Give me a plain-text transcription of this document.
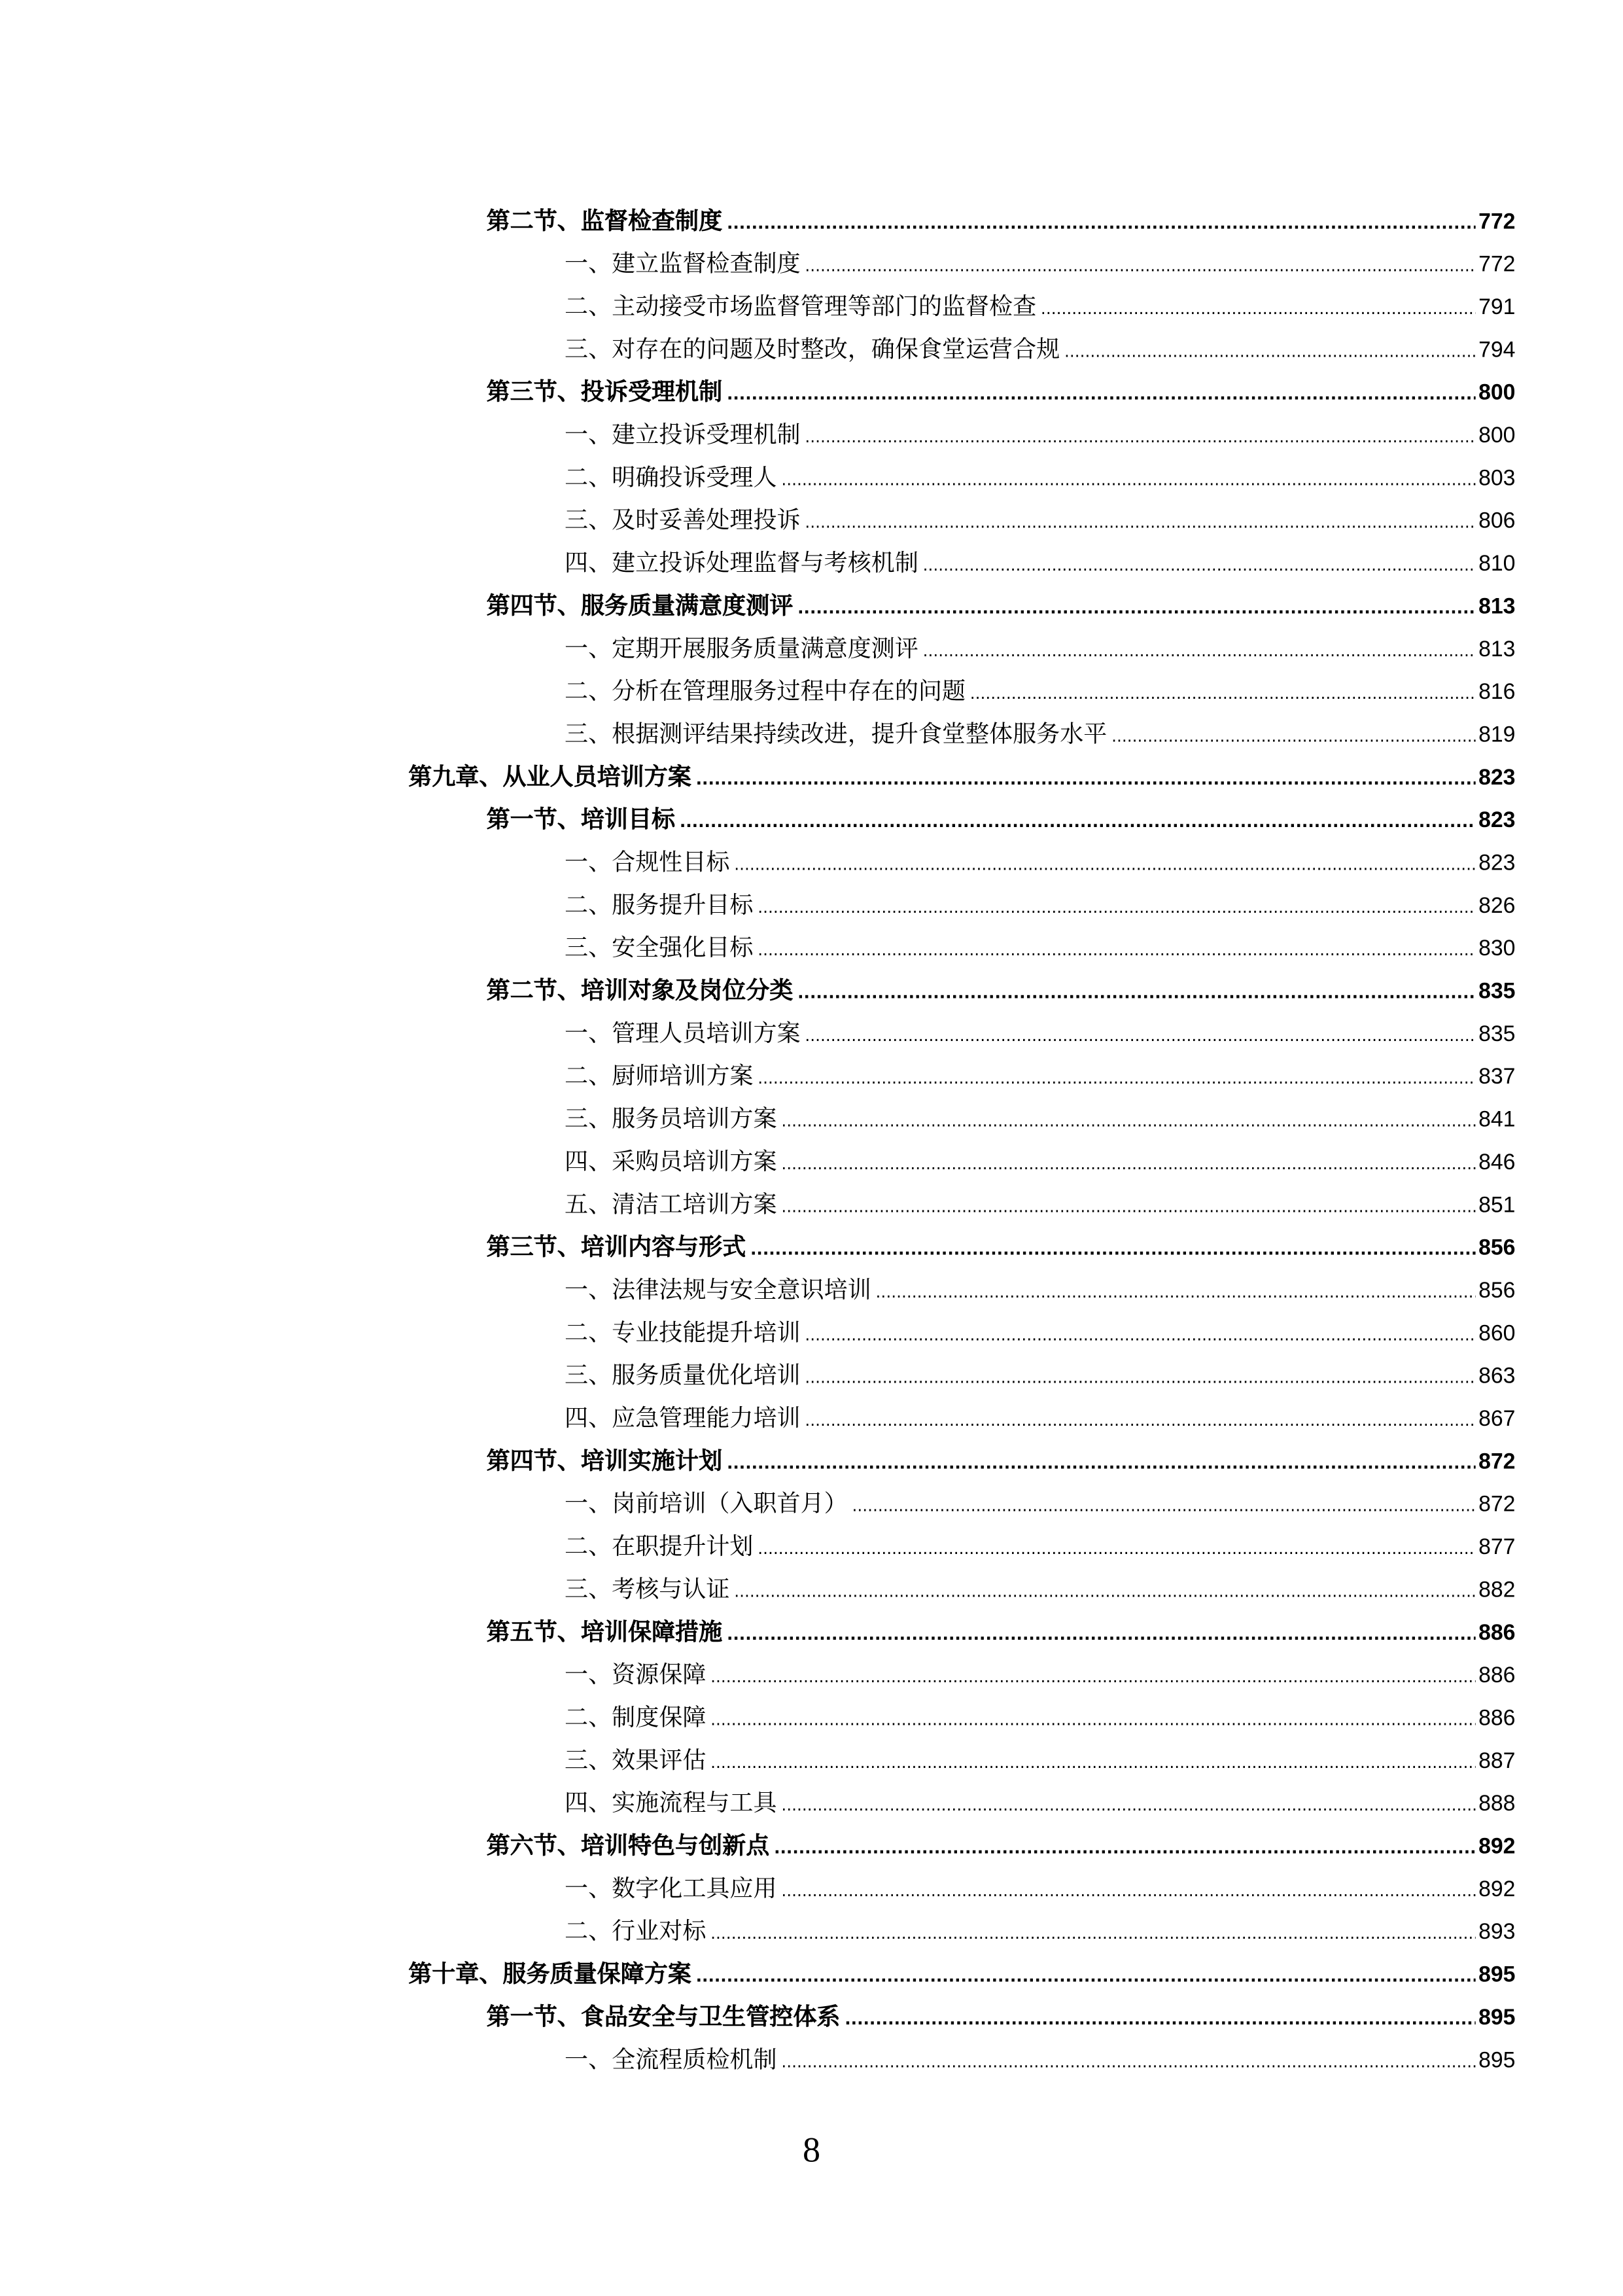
第二节、监督检查制度 .....	772
一、建立监督检查制度 .....	772
二、主动接受市场监督管理等部门的监督检查 .....	791
三、对存在的问题及时整改，确保食堂运营合规 .....	794
第三节、投诉受理机制 .....	800
一、建立投诉受理机制 .....	800
二、明确投诉受理人 .....	803
三、及时妥善处理投诉 .....	806
四、建立投诉处理监督与考核机制 .....	810
第四节、服务质量满意度测评 .....	813
一、定期开展服务质量满意度测评 .....	813
二、分析在管理服务过程中存在的问题 .....	816
三、根据测评结果持续改进，提升食堂整体服务水平 .....	819
第九章、从业人员培训方案 .....	823
第一节、培训目标 .....	823
一、合规性目标 .....	823
二、服务提升目标 .....	826
三、安全强化目标 .....	830
第二节、培训对象及岗位分类 .....	835
一、管理人员培训方案 .....	835
二、厨师培训方案 .....	837
三、服务员培训方案 .....	841
四、采购员培训方案 .....	846
五、清洁工培训方案 .....	851
第三节、培训内容与形式 .....	856
一、法律法规与安全意识培训 .....	856
二、专业技能提升培训 .....	860
三、服务质量优化培训 .....	863
四、应急管理能力培训 .....	867
第四节、培训实施计划 .....	872
一、岗前培训（入职首月） .....	872
二、在职提升计划 .....	877
三、考核与认证 .....	882
第五节、培训保障措施 .....	886
一、资源保障 .....	886
二、制度保障 .....	886
三、效果评估 .....	887
四、实施流程与工具 .....	888
第六节、培训特色与创新点 .....	892
一、数字化工具应用 .....	892
二、行业对标 .....	893
第十章、服务质量保障方案 .....	895
第一节、食品安全与卫生管控体系 .....	895
一、全流程质检机制 .....	895
8
